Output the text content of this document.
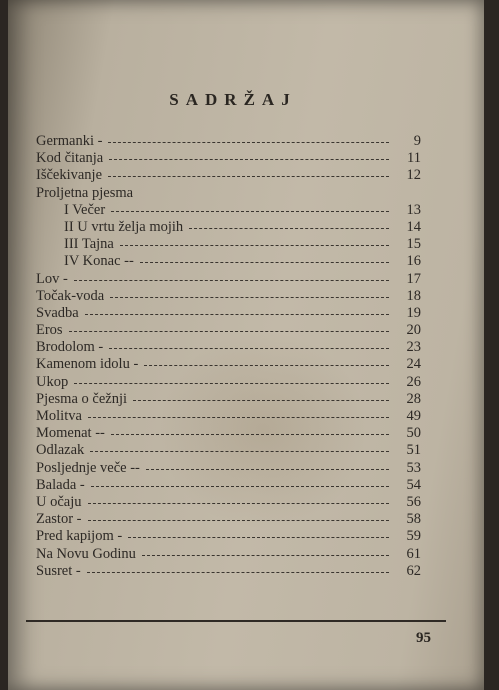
SADRŽAJ
Germanki -	9
Kod čitanja	11
Iščekivanje	12
Proljetna pjesma
I Večer	13
II U vrtu želja mojih	14
III Tajna	15
IV Konac --	16
Lov -	17
Točak-voda	18
Svadba	19
Eros	20
Brodolom -	23
Kamenom idolu -	24
Ukop	26
Pjesma o čežnji	28
Molitva	49
Momenat --	50
Odlazak	51
Posljednje veče --	53
Balada -	54
U očaju	56
Zastor -	58
Pred kapijom -	59
Na Novu Godinu	61
Susret -	62
95
